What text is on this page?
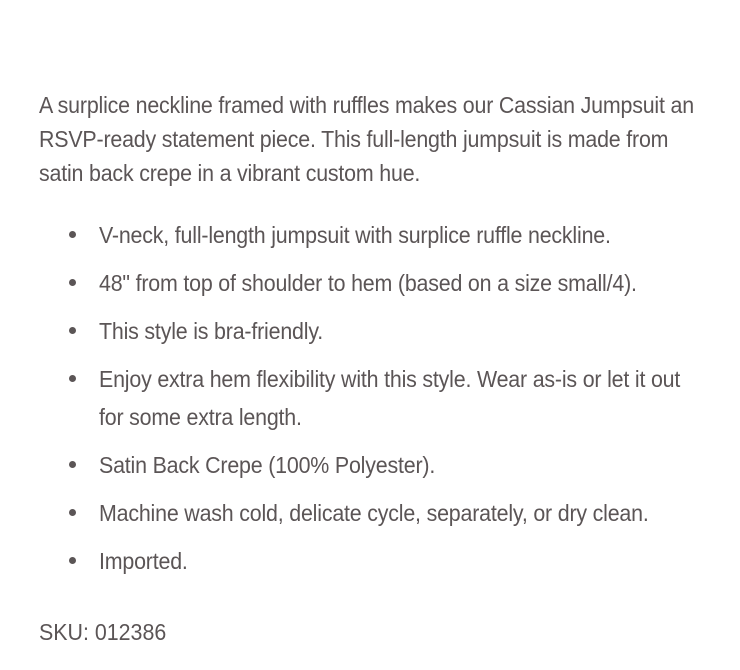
A surplice neckline framed with ruffles makes our Cassian Jumpsuit an RSVP-ready statement piece. This full-length jumpsuit is made from satin back crepe in a vibrant custom hue.

V-neck, full-length jumpsuit with surplice ruffle neckline.
48" from top of shoulder to hem (based on a size small/4).
This style is bra-friendly.
Enjoy extra hem flexibility with this style. Wear as-is or let it out for some extra length.
Satin Back Crepe (100% Polyester).
Machine wash cold, delicate cycle, separately, or dry clean.
Imported.
SKU: 012386
